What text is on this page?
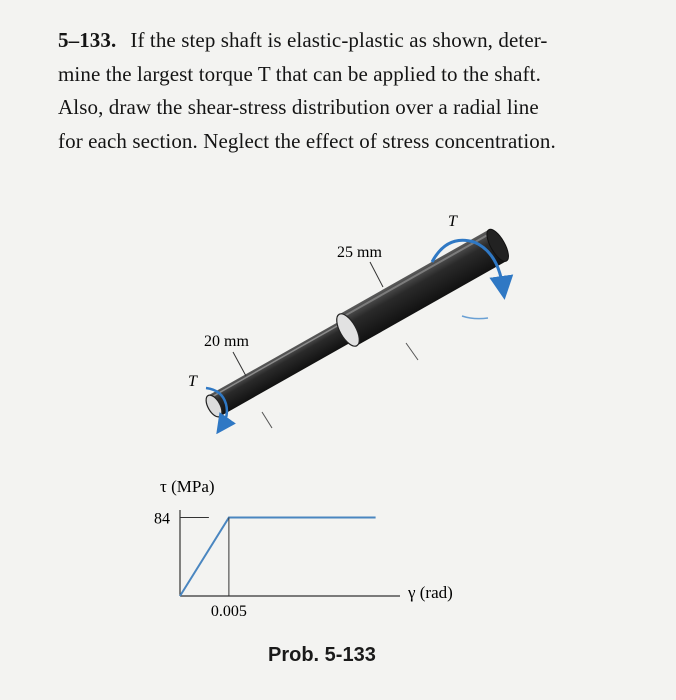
5–133. If the step shaft is elastic-plastic as shown, deter-
mine the largest torque T that can be applied to the shaft.
Also, draw the shear-stress distribution over a radial line
for each section. Neglect the effect of stress concentration.
20 mm
25 mm
T
T
τ (MPa)
γ (rad)
84
0.005
Prob. 5-133
